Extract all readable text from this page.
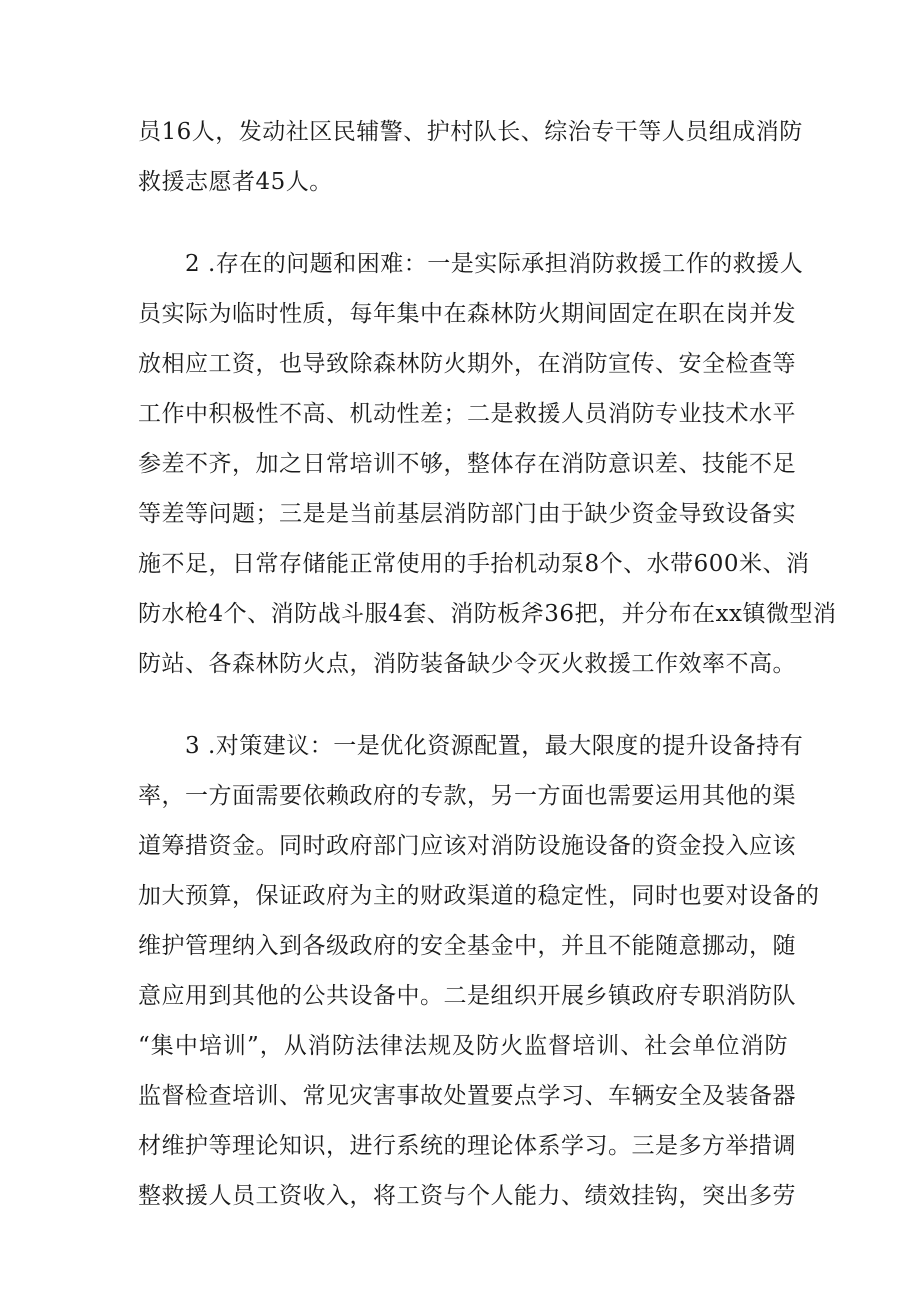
员16人，发动社区民辅警、护村队长、综治专干等人员组成消防
救援志愿者45人。
2 .存在的问题和困难：一是实际承担消防救援工作的救援人
员实际为临时性质，每年集中在森林防火期间固定在职在岗并发
放相应工资，也导致除森林防火期外，在消防宣传、安全检查等
工作中积极性不高、机动性差；二是救援人员消防专业技术水平
参差不齐，加之日常培训不够，整体存在消防意识差、技能不足
等差等问题；三是是当前基层消防部门由于缺少资金导致设备实
施不足，日常存储能正常使用的手抬机动泵8个、水带600米、消
防水枪4个、消防战斗服4套、消防板斧36把，并分布在xx镇微型消
防站、各森林防火点，消防装备缺少令灭火救援工作效率不高。
3 .对策建议：一是优化资源配置，最大限度的提升设备持有
率，一方面需要依赖政府的专款，另一方面也需要运用其他的渠
道筹措资金。同时政府部门应该对消防设施设备的资金投入应该
加大预算，保证政府为主的财政渠道的稳定性，同时也要对设备的
维护管理纳入到各级政府的安全基金中，并且不能随意挪动，随
意应用到其他的公共设备中。二是组织开展乡镇政府专职消防队
“集中培训”，从消防法律法规及防火监督培训、社会单位消防
监督检查培训、常见灾害事故处置要点学习、车辆安全及装备器
材维护等理论知识，进行系统的理论体系学习。三是多方举措调
整救援人员工资收入，将工资与个人能力、绩效挂钩，突出多劳
